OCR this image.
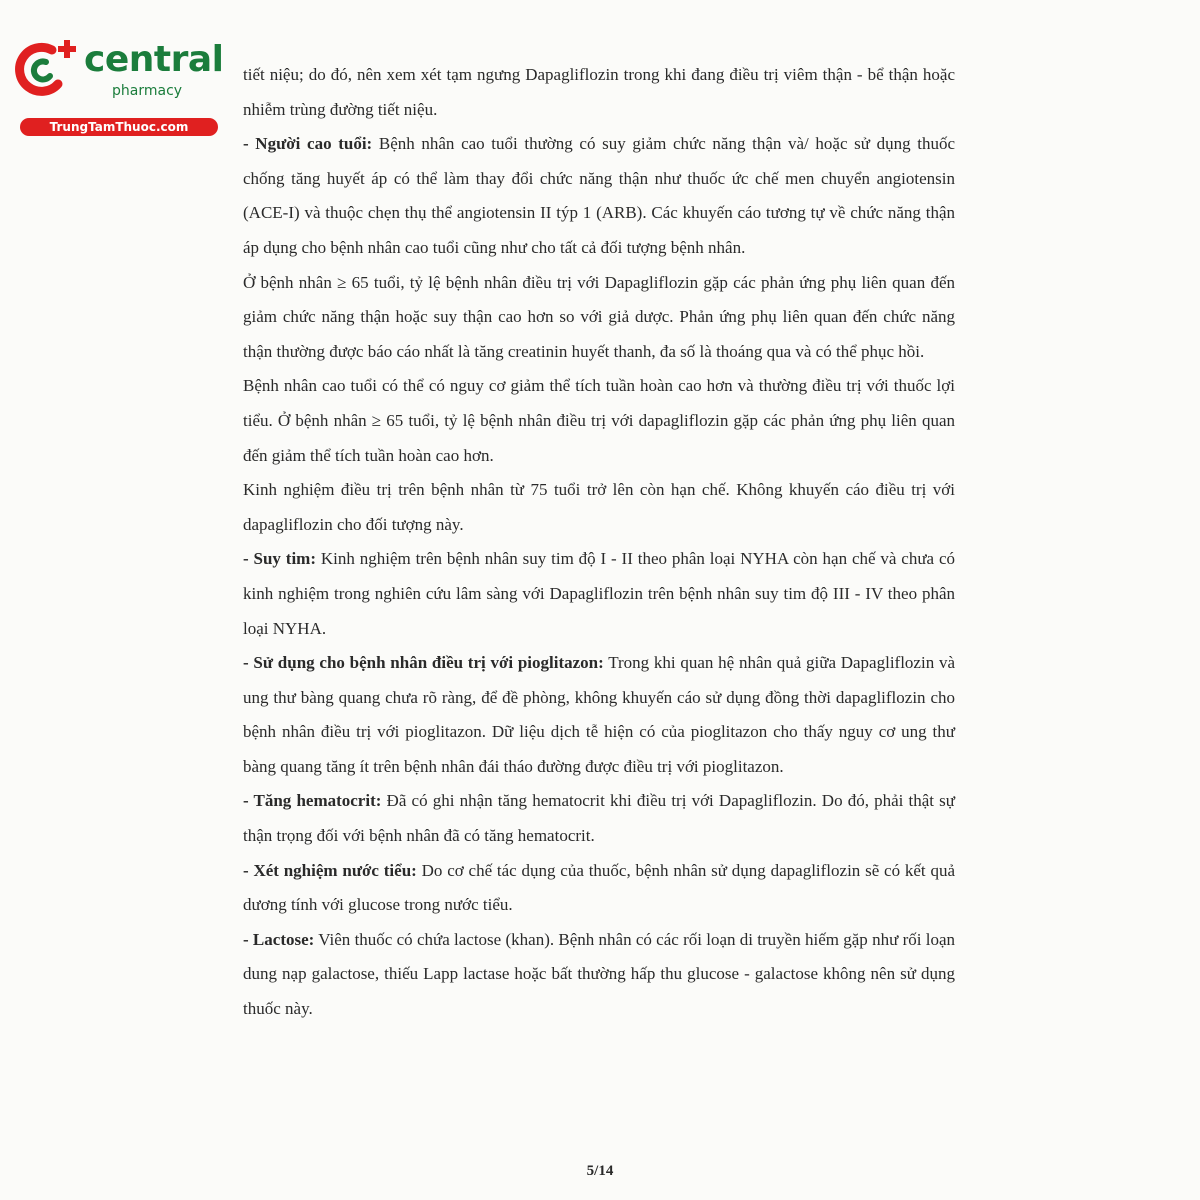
central
pharmacy
TrungTamThuoc.com

tiết niệu; do đó, nên xem xét tạm ngưng Dapagliflozin trong khi đang điều trị viêm thận - bể thận hoặc nhiễm trùng đường tiết niệu.

- Người cao tuổi: Bệnh nhân cao tuổi thường có suy giảm chức năng thận và/ hoặc sử dụng thuốc chống tăng huyết áp có thể làm thay đổi chức năng thận như thuốc ức chế men chuyển angiotensin (ACE-I) và thuộc chẹn thụ thể angiotensin II týp 1 (ARB). Các khuyến cáo tương tự về chức năng thận áp dụng cho bệnh nhân cao tuổi cũng như cho tất cả đối tượng bệnh nhân.

Ở bệnh nhân ≥ 65 tuổi, tỷ lệ bệnh nhân điều trị với Dapagliflozin gặp các phản ứng phụ liên quan đến giảm chức năng thận hoặc suy thận cao hơn so với giả dược. Phản ứng phụ liên quan đến chức năng thận thường được báo cáo nhất là tăng creatinin huyết thanh, đa số là thoáng qua và có thể phục hồi.

Bệnh nhân cao tuổi có thể có nguy cơ giảm thể tích tuần hoàn cao hơn và thường điều trị với thuốc lợi tiểu. Ở bệnh nhân ≥ 65 tuổi, tỷ lệ bệnh nhân điều trị với dapagliflozin gặp các phản ứng phụ liên quan đến giảm thể tích tuần hoàn cao hơn.

Kinh nghiệm điều trị trên bệnh nhân từ 75 tuổi trở lên còn hạn chế. Không khuyến cáo điều trị với dapagliflozin cho đối tượng này.

- Suy tim: Kinh nghiệm trên bệnh nhân suy tim độ I - II theo phân loại NYHA còn hạn chế và chưa có kinh nghiệm trong nghiên cứu lâm sàng với Dapagliflozin trên bệnh nhân suy tim độ III - IV theo phân loại NYHA.

- Sử dụng cho bệnh nhân điều trị với pioglitazon: Trong khi quan hệ nhân quả giữa Dapagliflozin và ung thư bàng quang chưa rõ ràng, để đề phòng, không khuyến cáo sử dụng đồng thời dapagliflozin cho bệnh nhân điều trị với pioglitazon. Dữ liệu dịch tễ hiện có của pioglitazon cho thấy nguy cơ ung thư bàng quang tăng ít trên bệnh nhân đái tháo đường được điều trị với pioglitazon.

- Tăng hematocrit: Đã có ghi nhận tăng hematocrit khi điều trị với Dapagliflozin. Do đó, phải thật sự thận trọng đối với bệnh nhân đã có tăng hematocrit.

- Xét nghiệm nước tiểu: Do cơ chế tác dụng của thuốc, bệnh nhân sử dụng dapagliflozin sẽ có kết quả dương tính với glucose trong nước tiểu.

- Lactose: Viên thuốc có chứa lactose (khan). Bệnh nhân có các rối loạn di truyền hiếm gặp như rối loạn dung nạp galactose, thiếu Lapp lactase hoặc bất thường hấp thu glucose - galactose không nên sử dụng thuốc này.

5/14
